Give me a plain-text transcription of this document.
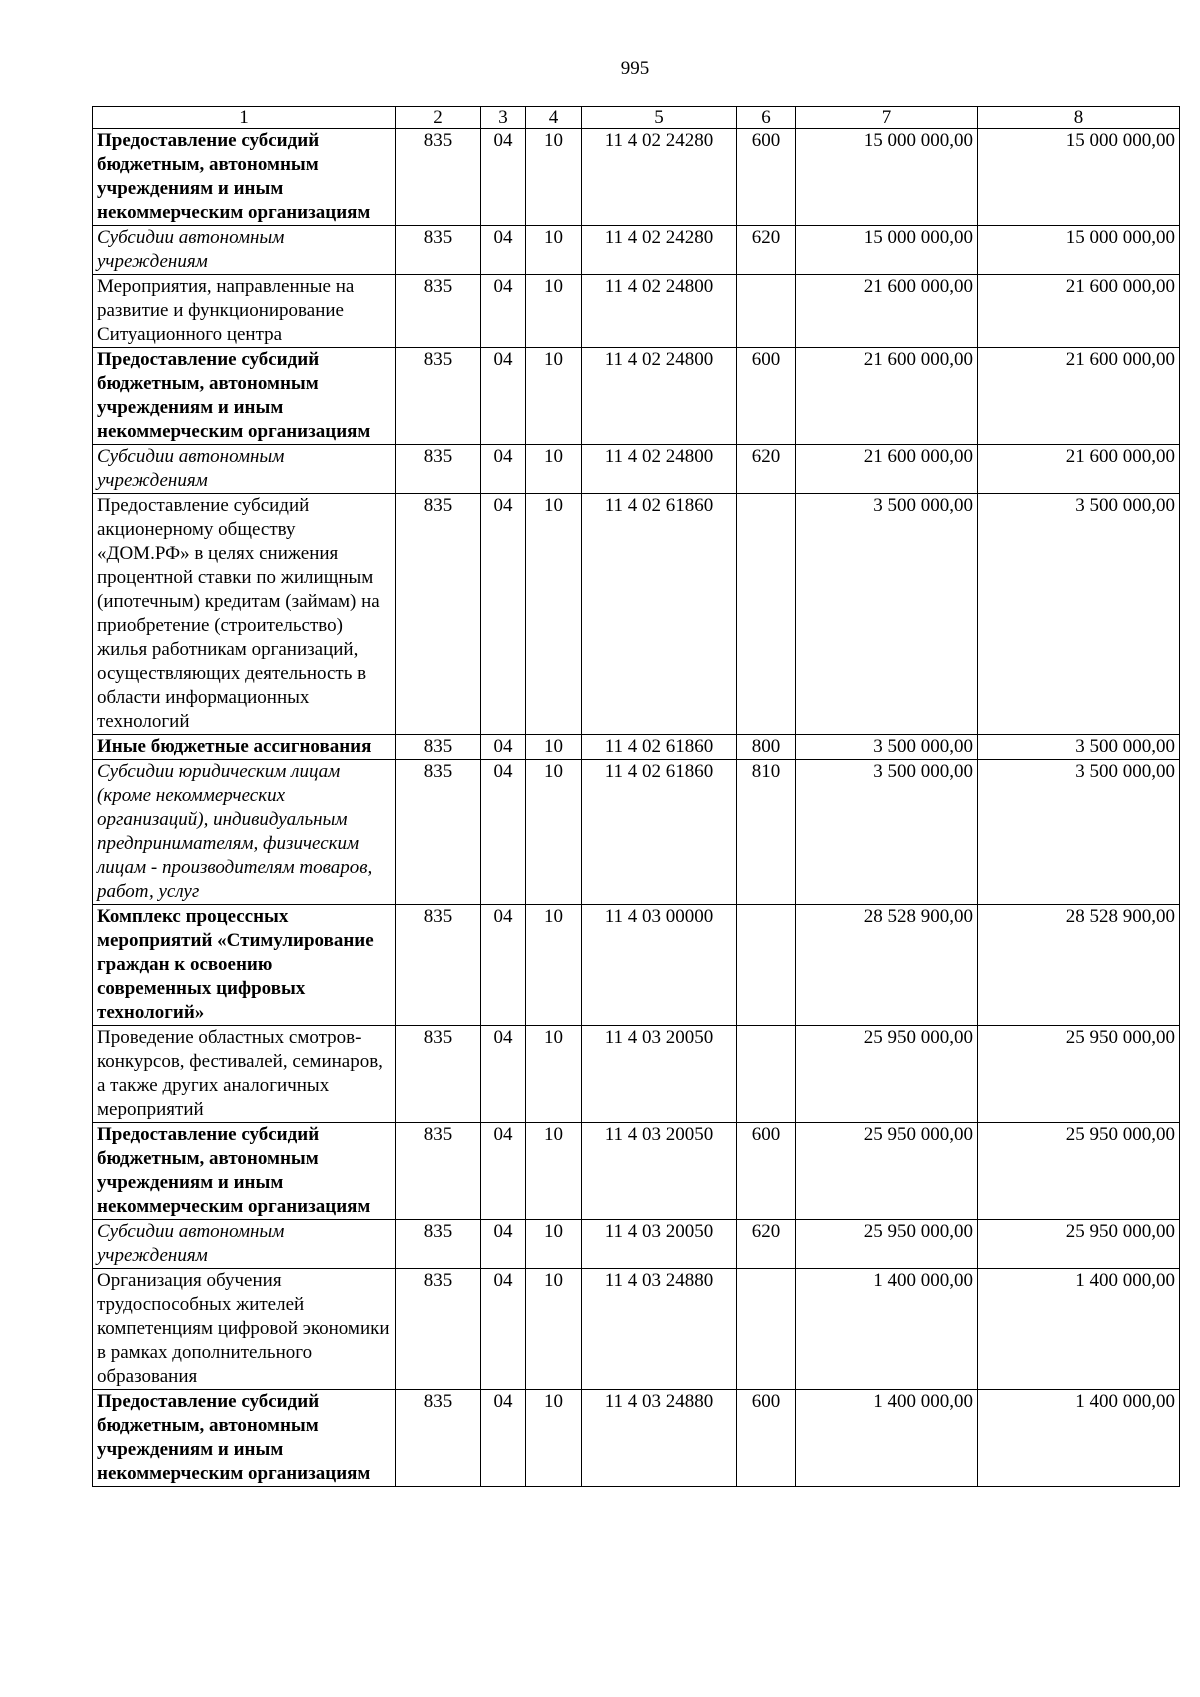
995
1	2	3	4	5	6	7	8
Предоставление субсидий бюджетным, автономным учреждениям и иным некоммерческим организациям	835	04	10	11 4 02 24280	600	15 000 000,00	15 000 000,00
Субсидии автономным учреждениям	835	04	10	11 4 02 24280	620	15 000 000,00	15 000 000,00
Мероприятия, направленные на развитие и функционирование Ситуационного центра	835	04	10	11 4 02 24800		21 600 000,00	21 600 000,00
Предоставление субсидий бюджетным, автономным учреждениям и иным некоммерческим организациям	835	04	10	11 4 02 24800	600	21 600 000,00	21 600 000,00
Субсидии автономным учреждениям	835	04	10	11 4 02 24800	620	21 600 000,00	21 600 000,00
Предоставление субсидий акционерному обществу «ДОМ.РФ» в целях снижения процентной ставки по жилищным (ипотечным) кредитам (займам) на приобретение (строительство) жилья работникам организаций, осуществляющих деятельность в области информационных технологий	835	04	10	11 4 02 61860		3 500 000,00	3 500 000,00
Иные бюджетные ассигнования	835	04	10	11 4 02 61860	800	3 500 000,00	3 500 000,00
Субсидии юридическим лицам (кроме некоммерческих организаций), индивидуальным предпринимателям, физическим лицам - производителям товаров, работ, услуг	835	04	10	11 4 02 61860	810	3 500 000,00	3 500 000,00
Комплекс процессных мероприятий «Стимулирование граждан к освоению современных цифровых технологий»	835	04	10	11 4 03 00000		28 528 900,00	28 528 900,00
Проведение областных смотров-конкурсов, фестивалей, семинаров, а также других аналогичных мероприятий	835	04	10	11 4 03 20050		25 950 000,00	25 950 000,00
Предоставление субсидий бюджетным, автономным учреждениям и иным некоммерческим организациям	835	04	10	11 4 03 20050	600	25 950 000,00	25 950 000,00
Субсидии автономным учреждениям	835	04	10	11 4 03 20050	620	25 950 000,00	25 950 000,00
Организация обучения трудоспособных жителей компетенциям цифровой экономики в рамках дополнительного образования	835	04	10	11 4 03 24880		1 400 000,00	1 400 000,00
Предоставление субсидий бюджетным, автономным учреждениям и иным некоммерческим организациям	835	04	10	11 4 03 24880	600	1 400 000,00	1 400 000,00
